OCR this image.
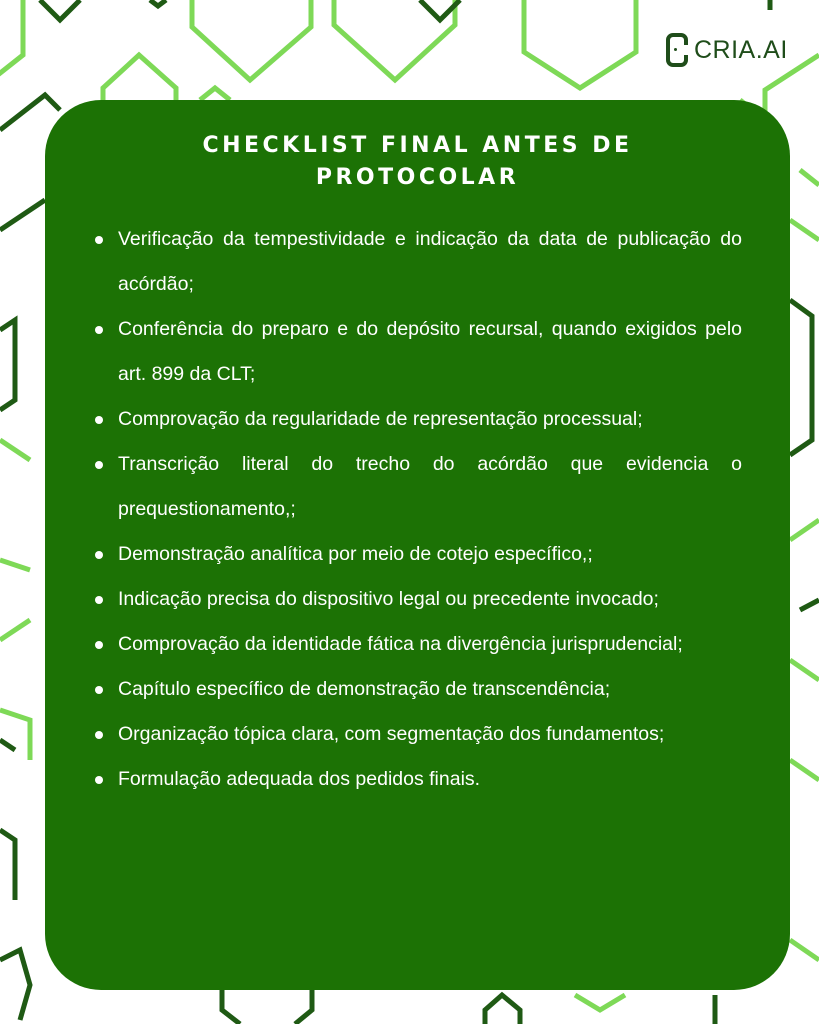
CRIA.AI
CHECKLIST FINAL ANTES DE
PROTOCOLAR
Verificação da tempestividade e indicação da data de publicação do acórdão;
Conferência do preparo e do depósito recursal, quando exigidos pelo art. 899 da CLT;
Comprovação da regularidade de representação processual;
Transcrição literal do trecho do acórdão que evidencia o prequestionamento,;
Demonstração analítica por meio de cotejo específico,;
Indicação precisa do dispositivo legal ou precedente invocado;
Comprovação da identidade fática na divergência jurisprudencial;
Capítulo específico de demonstração de transcendência;
Organização tópica clara, com segmentação dos fundamentos;
Formulação adequada dos pedidos finais.
